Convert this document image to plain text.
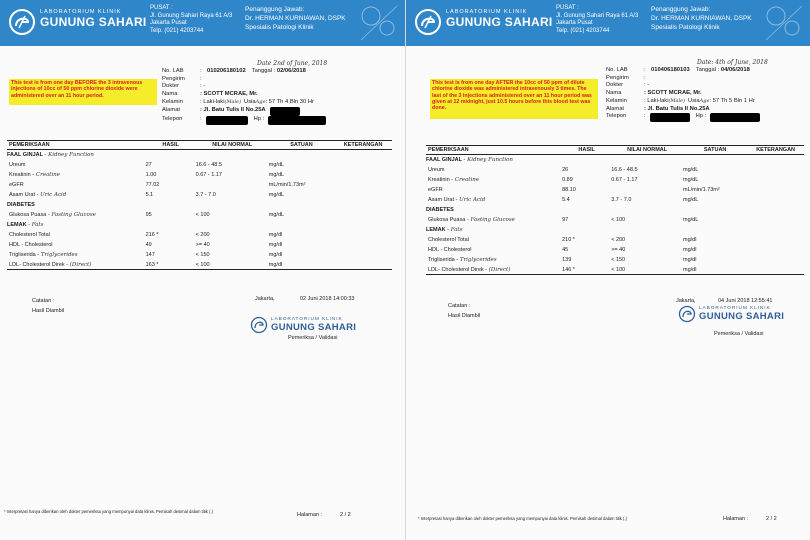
LABORATORIUM KLINIK
GUNUNG SAHARI
PUSAT :
Jl. Gunung Sahari Raya 61 A/3
Jakarta Pusat
Telp. (021) 4203744
Penanggung Jawab:
Dr. HERMAN KURNIAWAN, DSPK
Spesialis Patologi Klinik
Date 2nd of June, 2018
This test is from one day BEFORE the 3 intravenous injections of 10cc of 50 ppm chlorine dioxide were administered over an 11 hour period.
No. LAB	: 010206180102 Tanggal : 02/06/2018
Pengirim	:
Dokter	: -
Nama	: SCOTT MCRAE, Mr.
Kelamin	: Laki-laki (Male) Usia Age : 57 Th 4 Bln 30 Hr
Alamat	: Jl. Batu Tulis II No.25A
Telepon	:	Hp :
PEMERIKSAAN	HASIL	NILAI NORMAL	SATUAN	KETERANGAN
FAAL GINJAL
- Kidney Function
Ureum	27	16.6 - 48.5	mg/dL
Kreatinin - Creatine	1.00	0.67 - 1.17	mg/dL
eGFR	77.02	mL/min/1.73m²
Asam Urat - Uric Acid	5.1	3.7 - 7.0	mg/dL
DIABETES
Glukosa Puasa - Fasting Glucose	95	< 100	mg/dL
LEMAK
- Fats
Cholesterol Total	216 *	< 200	mg/dl
HDL - Cholesterol	49	>= 40	mg/dl
Trigliserida - Triglycerides	147	< 150	mg/dl
LDL- Cholesterol Direk - (Direct)	163 *	< 100	mg/dl
Jakarta,	02 Juni 2018 14:00:33
Catatan :
Hasil Diambil
LABORATORIUM KLINIK
GUNUNG SAHARI
Pemeriksa / Validasi
* Interpretasi hanya diberikan oleh dokter pemeriksa yang mempunyai data klinis. Pemisah desimal dalam titik (.)
Halaman :	2 / 2
LABORATORIUM KLINIK
GUNUNG SAHARI
PUSAT :
Jl. Gunung Sahari Raya 61 A/3
Jakarta Pusat
Telp. (021) 4203744
Penanggung Jawab:
Dr. HERMAN KURNIAWAN, DSPK
Spesialis Patologi Klinik
Date: 4th of June, 2018
This test is from one day AFTER the 10cc of 50 ppm of dilute chlorine dioxide was administered intravenously 3 times. The last of the 3 injections administered over an 11 hour period was given at 12 midnight, just 10.5 hours before this blood test was done.
No. LAB	: 010406180103 Tanggal : 04/06/2018
Pengirim	:
Dokter	: -
Nama	: SCOTT MCRAE, Mr.
Kelamin	: Laki-laki (Male) Usia Age : 57 Th 5 Bln 1 Hr
Alamat	: Jl. Batu Tulis II No.25A
Telepon	:	Hp :
PEMERIKSAAN	HASIL	NILAI NORMAL	SATUAN	KETERANGAN
FAAL GINJAL
- Kidney Function
Ureum	26	16.6 - 48.5	mg/dL
Kreatinin - Creatine	0.89	0.67 - 1.17	mg/dL
eGFR	88.10	mL/min/1.73m²
Asam Urat - Uric Acid	5.4	3.7 - 7.0	mg/dL
DIABETES
Glukosa Puasa - Fasting Glucose	97	< 100	mg/dL
LEMAK
- Fats
Cholesterol Total	210 *	< 200	mg/dl
HDL - Cholesterol	45	>= 40	mg/dl
Trigliserida - Triglycerides	139	< 150	mg/dl
LDL- Cholesterol Direk - (Direct)	146 *	< 100	mg/dl
Jakarta,	04 Juni 2018 12:55:41
Catatan :
Hasil Diambil
LABORATORIUM KLINIK
GUNUNG SAHARI
Pemeriksa / Validasi
* Interpretasi hanya diberikan oleh dokter pemeriksa yang mempunyai data klinis. Pemisah desimal dalam titik (.)	Halaman :	2 / 2
